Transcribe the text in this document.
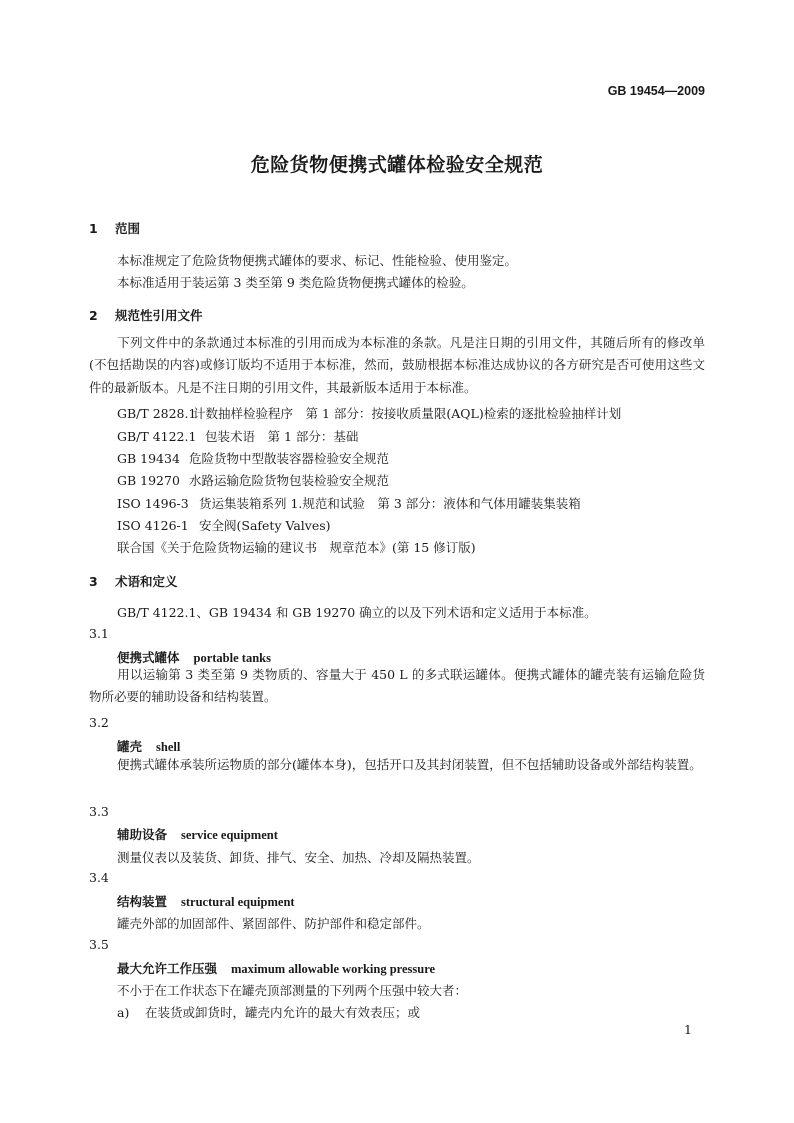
GB 19454—2009
危险货物便携式罐体检验安全规范
1 范围
本标准规定了危险货物便携式罐体的要求、标记、性能检验、使用鉴定。
本标准适用于装运第 3 类至第 9 类危险货物便携式罐体的检验。
2 规范性引用文件
下列文件中的条款通过本标准的引用而成为本标准的条款。凡是注日期的引用文件，其随后所有的修改单(不包括勘误的内容)或修订版均不适用于本标准，然而，鼓励根据本标准达成协议的各方研究是否可使用这些文件的最新版本。凡是不注日期的引用文件，其最新版本适用于本标准。
GB/T 2828.1计数抽样检验程序　第 1 部分：按接收质量限(AQL)检索的逐批检验抽样计划
GB/T 4122.1 包装术语　第 1 部分：基础
GB 19434 危险货物中型散装容器检验安全规范
GB 19270 水路运输危险货物包装检验安全规范
ISO 1496-3 货运集装箱系列 1.规范和试验　第 3 部分：液体和气体用罐装集装箱
ISO 4126-1 安全阀(Safety Valves)
联合国《关于危险货物运输的建议书　规章范本》(第 15 修订版)
3 术语和定义
GB/T 4122.1、GB 19434 和 GB 19270 确立的以及下列术语和定义适用于本标准。
3.1
便携式罐体 portable tanks
用以运输第 3 类至第 9 类物质的、容量大于 450 L 的多式联运罐体。便携式罐体的罐壳装有运输危险货物所必要的辅助设备和结构装置。
3.2
罐壳 shell
便携式罐体承装所运物质的部分(罐体本身)，包括开口及其封闭装置，但不包括辅助设备或外部结构装置。
3.3
辅助设备 service equipment
测量仪表以及装货、卸货、排气、安全、加热、冷却及隔热装置。
3.4
结构装置 structural equipment
罐壳外部的加固部件、紧固部件、防护部件和稳定部件。
3.5
最大允许工作压强 maximum allowable working pressure
不小于在工作状态下在罐壳顶部测量的下列两个压强中较大者：
a) 在装货或卸货时，罐壳内允许的最大有效表压；或
1
